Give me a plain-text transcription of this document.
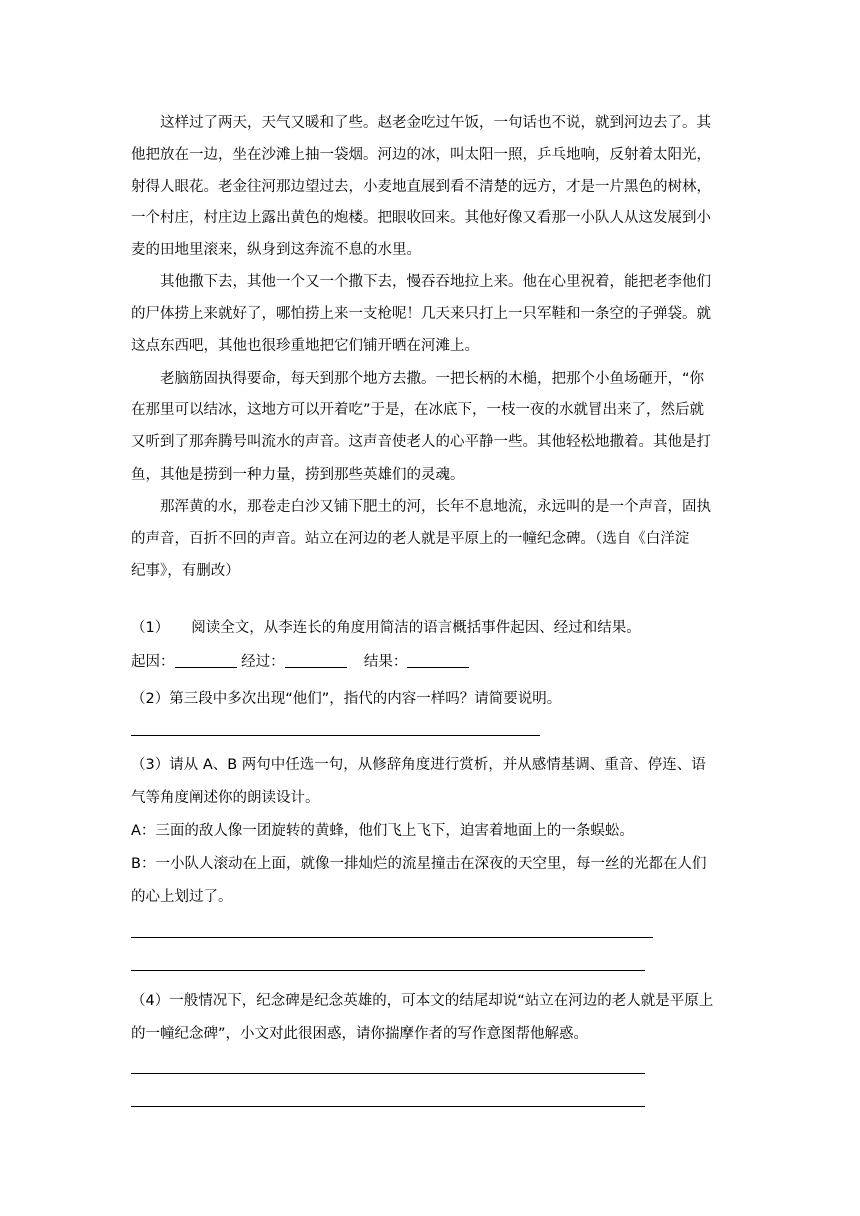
这样过了两天，天气又暖和了些。赵老金吃过午饭，一句话也不说，就到河边去了。其
他把放在一边，坐在沙滩上抽一袋烟。河边的冰，叫太阳一照，乒乓地响，反射着太阳光，
射得人眼花。老金往河那边望过去，小麦地直展到看不清楚的远方，才是一片黑色的树林，
一个村庄，村庄边上露出黄色的炮楼。把眼收回来。其他好像又看那一小队人从这发展到小
麦的田地里滚来，纵身到这奔流不息的水里。
其他撒下去，其他一个又一个撒下去，慢吞吞地拉上来。他在心里祝着，能把老李他们
的尸体捞上来就好了，哪怕捞上来一支枪呢！几天来只打上一只军鞋和一条空的子弹袋。就
这点东西吧，其他也很珍重地把它们铺开晒在河滩上。
老脑筋固执得要命，每天到那个地方去撒。一把长柄的木槌，把那个小鱼场砸开，“你
在那里可以结冰，这地方可以开着吃”于是，在冰底下，一枝一夜的水就冒出来了，然后就
又听到了那奔腾号叫流水的声音。这声音使老人的心平静一些。其他轻松地撒着。其他是打
鱼，其他是捞到一种力量，捞到那些英雄们的灵魂。
那浑黄的水，那卷走白沙又铺下肥土的河，长年不息地流，永远叫的是一个声音，固执
的声音，百折不回的声音。站立在河边的老人就是平原上的一幢纪念碑。（选自《白洋淀
纪事》，有删改）
（1） 阅读全文，从李连长的角度用简洁的语言概括事件起因、经过和结果。
起因：	经过：	结果：
（2）第三段中多次出现“他们”，指代的内容一样吗？请简要说明。
（3）请从 A、B 两句中任选一句，从修辞角度进行赏析，并从感情基调、重音、停连、语
气等角度阐述你的朗读设计。
A：三面的敌人像一团旋转的黄蜂，他们飞上飞下，迫害着地面上的一条蜈蚣。
B：一小队人滚动在上面，就像一排灿烂的流星撞击在深夜的天空里，每一丝的光都在人们
的心上划过了。
（4）一般情况下，纪念碑是纪念英雄的，可本文的结尾却说“站立在河边的老人就是平原上
的一幢纪念碑”，小文对此很困惑，请你揣摩作者的写作意图帮他解惑。
